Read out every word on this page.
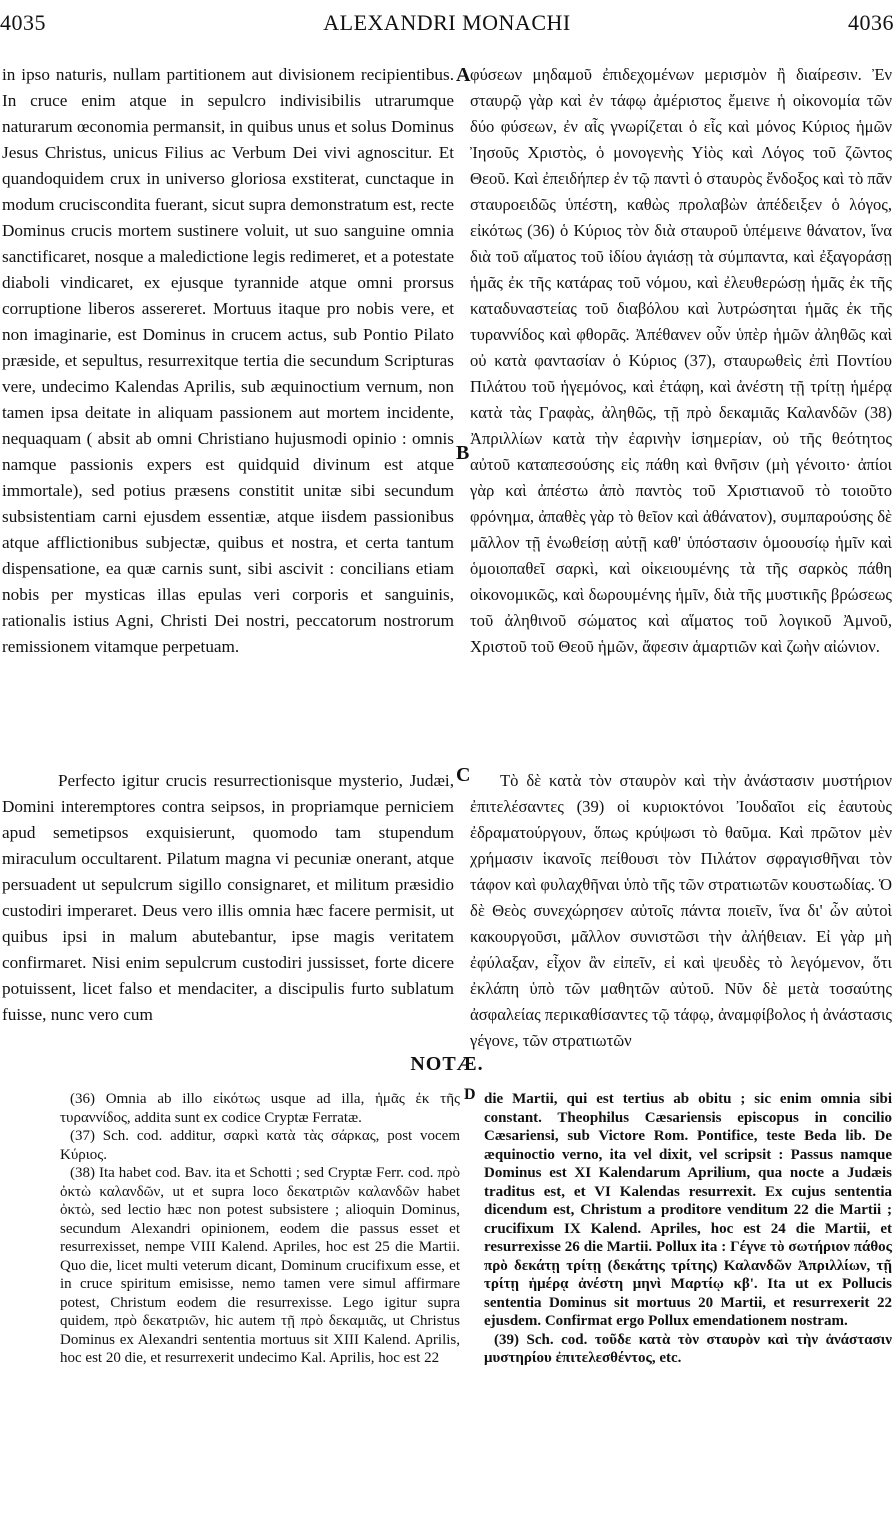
4035	ALEXANDRI MONACHI	4036

in ipso naturis, nullam partitionem aut divisionem recipientibus. In cruce enim atque in sepulcro indivisibilis utrarumque naturarum œconomia permansit, in quibus unus et solus Dominus Jesus Christus, unicus Filius ac Verbum Dei vivi agnoscitur. Et quandoquidem crux in universo gloriosa exstiterat, cunctaque in modum cruciscondita fuerant, sicut supra demonstratum est, recte Dominus crucis mortem sustinere voluit, ut suo sanguine omnia sanctificaret, nosque a maledictione legis redimeret, et a potestate diaboli vindicaret, ex ejusque tyrannide atque omni prorsus corruptione liberos assereret. Mortuus itaque pro nobis vere, et non imaginarie, est Dominus in crucem actus, sub Pontio Pilato præside, et sepultus, resurrexitque tertia die secundum Scripturas vere, undecimo Kalendas Aprilis, sub æquinoctium vernum, non tamen ipsa deitate in aliquam passionem aut mortem incidente, nequaquam ( absit ab omni Christiano hujusmodi opinio : omnis namque passionis expers est quidquid divinum est atque immortale), sed potius præsens constitit unitæ sibi secundum subsistentiam carni ejusdem essentiæ, atque iisdem passionibus atque afflictionibus subjectæ, quibus et nostra, et certa tantum dispensatione, ea quæ carnis sunt, sibi ascivit : concilians etiam nobis per mysticas illas epulas veri corporis et sanguinis, rationalis istius Agni, Christi Dei nostri, peccatorum nostrorum remissionem vitamque perpetuam.

φύσεων μηδαμοῦ ἐπιδεχομένων μερισμὸν ἢ διαίρεσιν. Ἐν σταυρῷ γὰρ καὶ ἐν τάφῳ ἀμέριστος ἔμεινε ἡ οἰκονομία τῶν δύο φύσεων, ἐν αἷς γνωρίζεται ὁ εἷς καὶ μόνος Κύριος ἡμῶν Ἰησοῦς Χριστὸς, ὁ μονογενὴς Υἱὸς καὶ Λόγος τοῦ ζῶντος Θεοῦ. Καὶ ἐπειδήπερ ἐν τῷ παντὶ ὁ σταυρὸς ἔνδοξος καὶ τὸ πᾶν σταυροειδῶς ὑπέστη, καθὼς προλαβὼν ἀπέδειξεν ὁ λόγος, εἰκότως (36) ὁ Κύριος τὸν διὰ σταυροῦ ὑπέμεινε θάνατον, ἵνα διὰ τοῦ αἵματος τοῦ ἰδίου ἁγιάσῃ τὰ σύμπαντα, καὶ ἐξαγοράσῃ ἡμᾶς ἐκ τῆς κατάρας τοῦ νόμου, καὶ ἐλευθερώσῃ ἡμᾶς ἐκ τῆς καταδυναστείας τοῦ διαβόλου καὶ λυτρώσηται ἡμᾶς ἐκ τῆς τυραννίδος καὶ φθορᾶς. Ἀπέθανεν οὖν ὑπὲρ ἡμῶν ἀληθῶς καὶ οὐ κατὰ φαντασίαν ὁ Κύριος (37), σταυρωθεὶς ἐπὶ Ποντίου Πιλάτου τοῦ ἡγεμόνος, καὶ ἐτάφη, καὶ ἀνέστη τῇ τρίτῃ ἡμέρᾳ κατὰ τὰς Γραφὰς, ἀληθῶς, τῇ πρὸ δεκαμιᾶς Καλανδῶν (38) Ἀπριλλίων κατὰ τὴν ἐαρινὴν ἰσημερίαν, οὐ τῆς θεότητος αὐτοῦ καταπεσούσης εἰς πάθη καὶ θνῆσιν (μὴ γένοιτο· ἀπίοι γὰρ καὶ ἀπέστω ἀπὸ παντὸς τοῦ Χριστιανοῦ τὸ τοιοῦτο φρόνημα, ἀπαθὲς γὰρ τὸ θεῖον καὶ ἀθάνατον), συμπαρούσης δὲ μᾶλλον τῇ ἑνωθείσῃ αὐτῇ καθ' ὑπόστασιν ὁμοουσίῳ ἡμῖν καὶ ὁμοιοπαθεῖ σαρκὶ, καὶ οἰκειουμένης τὰ τῆς σαρκὸς πάθη οἰκονομικῶς, καὶ δωρουμένης ἡμῖν, διὰ τῆς μυστικῆς βρώσεως τοῦ ἀληθινοῦ σώματος καὶ αἵματος τοῦ λογικοῦ Ἀμνοῦ, Χριστοῦ τοῦ Θεοῦ ἡμῶν, ἄφεσιν ἁμαρτιῶν καὶ ζωὴν αἰώνιον.

A
B
C
D

Perfecto igitur crucis resurrectionisque mysterio, Judæi, Domini interemptores contra seipsos, in propriamque perniciem apud semetipsos exquisierunt, quomodo tam stupendum miraculum occultarent. Pilatum magna vi pecuniæ onerant, atque persuadent ut sepulcrum sigillo consignaret, et militum præsidio custodiri imperaret. Deus vero illis omnia hæc facere permisit, ut quibus ipsi in malum abutebantur, ipse magis veritatem confirmaret. Nisi enim sepulcrum custodiri jussisset, forte dicere potuissent, licet falso et mendaciter, a discipulis furto sublatum fuisse, nunc vero cum

Τὸ δὲ κατὰ τὸν σταυρὸν καὶ τὴν ἀνάστασιν μυστήριον ἐπιτελέσαντες (39) οἱ κυριοκτόνοι Ἰουδαῖοι εἰς ἑαυτοὺς ἐδραματούργουν, ὅπως κρύψωσι τὸ θαῦμα. Καὶ πρῶτον μὲν χρήμασιν ἱκανοῖς πείθουσι τὸν Πιλάτον σφραγισθῆναι τὸν τάφον καὶ φυλαχθῆναι ὑπὸ τῆς τῶν στρατιωτῶν κουστωδίας. Ὁ δὲ Θεὸς συνεχώρησεν αὐτοῖς πάντα ποιεῖν, ἵνα δι' ὧν αὐτοὶ κακουργοῦσι, μᾶλλον συνιστῶσι τὴν ἀλήθειαν. Εἰ γὰρ μὴ ἐφύλαξαν, εἶχον ἂν εἰπεῖν, εἰ καὶ ψευδὲς τὸ λεγόμενον, ὅτι ἐκλάπη ὑπὸ τῶν μαθητῶν αὐτοῦ. Νῦν δὲ μετὰ τοσαύτης ἀσφαλείας περικαθίσαντες τῷ τάφῳ, ἀναμφίβολος ἡ ἀνάστασις γέγονε, τῶν στρατιωτῶν

NOTÆ.

(36) Omnia ab illo εἰκότως usque ad illa, ἡμᾶς ἐκ τῆς τυραννίδος, addita sunt ex codice Cryptæ Ferratæ.

(37) Sch. cod. additur, σαρκὶ κατὰ τὰς σάρκας, post vocem Κύριος.

(38) Ita habet cod. Bav. ita et Schotti ; sed Cryptæ Ferr. cod. πρὸ ὀκτὼ καλανδῶν, ut et supra loco δεκατριῶν καλανδῶν habet ὀκτὼ, sed lectio hæc non potest subsistere ; alioquin Dominus, secundum Alexandri opinionem, eodem die passus esset et resurrexisset, nempe VIII Kalend. Apriles, hoc est 25 die Martii. Quo die, licet multi veterum dicant, Dominum crucifixum esse, et in cruce spiritum emisisse, nemo tamen vere simul affirmare potest, Christum eodem die resurrexisse. Lego igitur supra quidem, πρὸ δεκατριῶν, hic autem τῇ πρὸ δεκαμιᾶς, ut Christus Dominus ex Alexandri sententia mortuus sit XIII Kalend. Aprilis, hoc est 20 die, et resurrexerit undecimo Kal. Aprilis, hoc est 22

die Martii, qui est tertius ab obitu ; sic enim omnia sibi constant. Theophilus Cæsariensis episcopus in concilio Cæsariensi, sub Victore Rom. Pontifice, teste Beda lib. De æquinoctio verno, ita vel dixit, vel scripsit : Passus namque Dominus est XI Kalendarum Aprilium, qua nocte a Judæis traditus est, et VI Kalendas resurrexit. Ex cujus sententia dicendum est, Christum a proditore venditum 22 die Martii ; crucifixum IX Kalend. Apriles, hoc est 24 die Martii, et resurrexisse 26 die Martii. Pollux ita : Γέγνε τὸ σωτήριον πάθος πρὸ δεκάτῃ τρίτῃ (δεκάτης τρίτης) Καλανδῶν Ἀπριλλίων, τῇ τρίτῃ ἡμέρᾳ ἀνέστη μηνὶ Μαρτίῳ κβ'. Ita ut ex Pollucis sententia Dominus sit mortuus 20 Martii, et resurrexerit 22 ejusdem. Confirmat ergo Pollux emendationem nostram.

(39) Sch. cod. τοῦδε κατὰ τὸν σταυρὸν καὶ τὴν ἀνάστασιν μυστηρίου ἐπιτελεσθέντος, etc.
